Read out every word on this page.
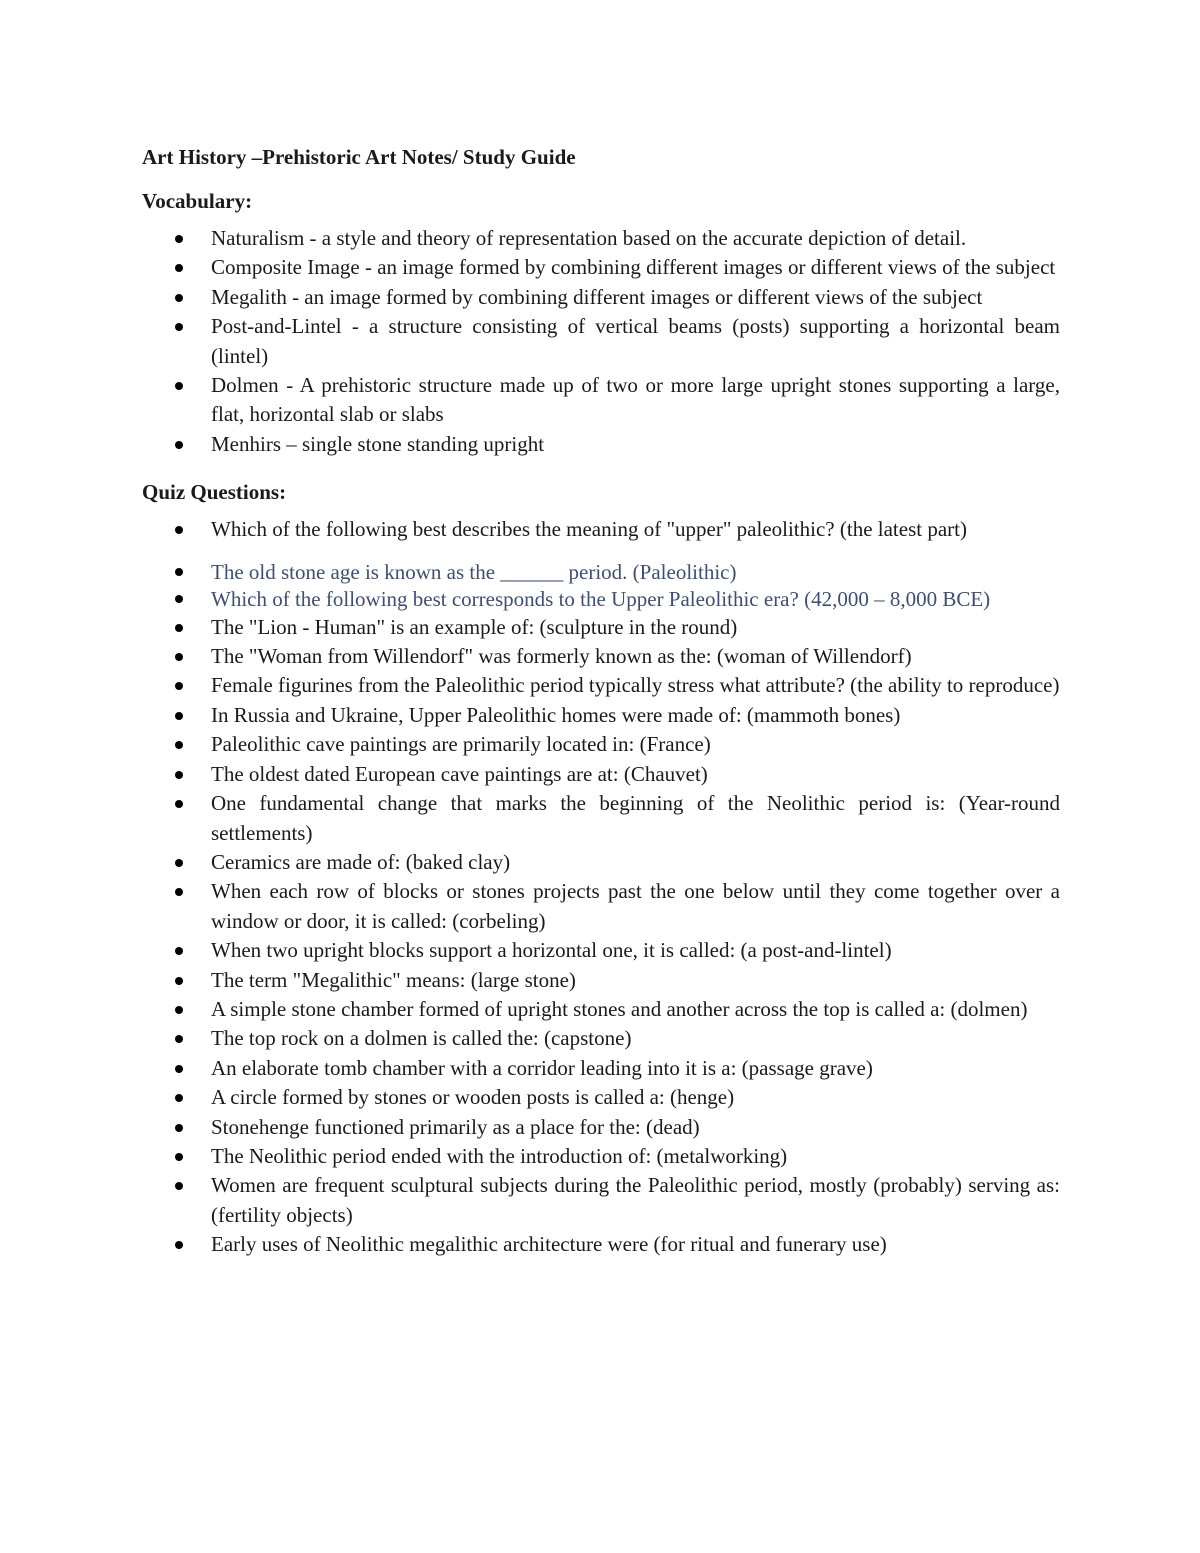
Art History –Prehistoric Art Notes/ Study Guide
Vocabulary:
Naturalism - a style and theory of representation based on the accurate depiction of detail.
Composite Image - an image formed by combining different images or different views of the subject
Megalith - an image formed by combining different images or different views of the subject
Post-and-Lintel - a structure consisting of vertical beams (posts) supporting a horizontal beam (lintel)
Dolmen - A prehistoric structure made up of two or more large upright stones supporting a large, flat, horizontal slab or slabs
Menhirs – single stone standing upright
Quiz Questions:
Which of the following best describes the meaning of "upper" paleolithic? (the latest part)
The old stone age is known as the ______ period. (Paleolithic)
Which of the following best corresponds to the Upper Paleolithic era? (42,000 – 8,000 BCE)
The "Lion - Human" is an example of: (sculpture in the round)
The "Woman from Willendorf" was formerly known as the: (woman of Willendorf)
Female figurines from the Paleolithic period typically stress what attribute? (the ability to reproduce)
In Russia and Ukraine, Upper Paleolithic homes were made of: (mammoth bones)
Paleolithic cave paintings are primarily located in: (France)
The oldest dated European cave paintings are at: (Chauvet)
One fundamental change that marks the beginning of the Neolithic period is: (Year-round settlements)
Ceramics are made of: (baked clay)
When each row of blocks or stones projects past the one below until they come together over a window or door, it is called: (corbeling)
When two upright blocks support a horizontal one, it is called: (a post-and-lintel)
The term "Megalithic" means: (large stone)
A simple stone chamber formed of upright stones and another across the top is called a: (dolmen)
The top rock on a dolmen is called the: (capstone)
An elaborate tomb chamber with a corridor leading into it is a: (passage grave)
A circle formed by stones or wooden posts is called a: (henge)
Stonehenge functioned primarily as a place for the: (dead)
The Neolithic period ended with the introduction of: (metalworking)
Women are frequent sculptural subjects during the Paleolithic period, mostly (probably) serving as: (fertility objects)
Early uses of Neolithic megalithic architecture were (for ritual and funerary use)
